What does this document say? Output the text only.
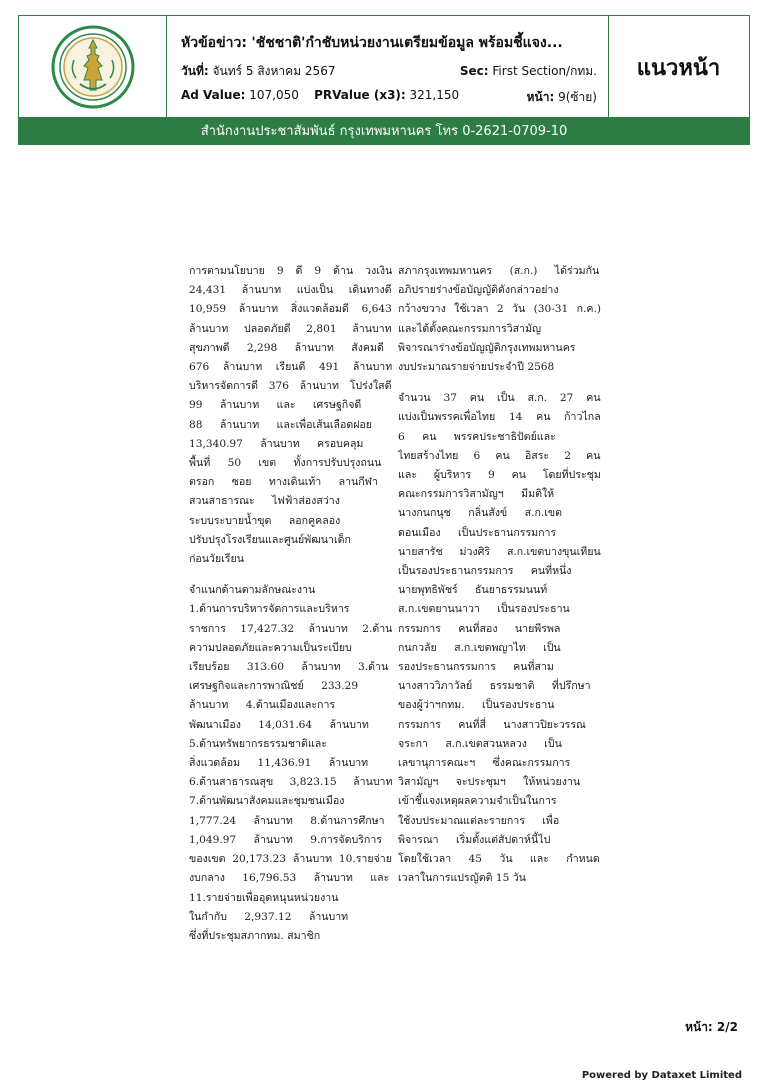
หัวข้อข่าว: 'ชัชชาติ'กำชับหน่วยงานเตรียมข้อมูล พร้อมชี้แจง...
วันที่: จันทร์ 5 สิงหาคม 2567	Sec: First Section/กทม.
Ad Value: 107,050 PRValue (x3): 321,150	หน้า: 9(ซ้าย)
แนวหน้า
สำนักงานประชาสัมพันธ์ กรุงเทพมหานคร โทร 0-2621-0709-10
การตามนโยบาย 9 ดี 9 ด้าน วงเงิน
24,431 ล้านบาท แบ่งเป็น เดินทางดี
10,959 ล้านบาท สิ่งแวดล้อมดี 6,643
ล้านบาท ปลอดภัยดี 2,801 ล้านบาท
สุขภาพดี 2,298 ล้านบาท สังคมดี
676 ล้านบาท เรียนดี 491 ล้านบาท
บริหารจัดการดี 376 ล้านบาท โปร่งใสดี
99 ล้านบาท และ เศรษฐกิจดี
88 ล้านบาท และเพื่อเส้นเลือดฝอย
13,340.97 ล้านบาท ครอบคลุม
พื้นที่ 50 เขต ทั้งการปรับปรุงถนน
ตรอก ซอย ทางเดินเท้า ลานกีฬา
สวนสาธารณะ ไฟฟ้าส่องสว่าง
ระบบระบายน้ำขุด ลอกคูคลอง
ปรับปรุงโรงเรียนและศูนย์พัฒนาเด็ก
ก่อนวัยเรียน
จำแนกด้านตามลักษณะงาน
1.ด้านการบริหารจัดการและบริหาร
ราชการ 17,427.32 ล้านบาท 2.ด้าน
ความปลอดภัยและความเป็นระเบียบ
เรียบร้อย 313.60 ล้านบาท 3.ด้าน
เศรษฐกิจและการพาณิชย์ 233.29
ล้านบาท 4.ด้านเมืองและการ
พัฒนาเมือง 14,031.64 ล้านบาท
5.ด้านทรัพยากรธรรมชาติและ
สิ่งแวดล้อม 11,436.91 ล้านบาท
6.ด้านสาธารณสุข 3,823.15 ล้านบาท
7.ด้านพัฒนาสังคมและชุมชนเมือง
1,777.24 ล้านบาท 8.ด้านการศึกษา
1,049.97 ล้านบาท 9.การจัดบริการ
ของเขต 20,173.23 ล้านบาท 10.รายจ่าย
งบกลาง 16,796.53 ล้านบาท และ
11.รายจ่ายเพื่ออุดหนุนหน่วยงาน
ในกำกับ 2,937.12 ล้านบาท
ซึ่งที่ประชุมสภากทม. สมาชิก
สภากรุงเทพมหานคร (ส.ก.) ได้ร่วมกัน
อภิปรายร่างข้อบัญญัติดังกล่าวอย่าง
กว้างขวาง ใช้เวลา 2 วัน (30-31 ก.ค.)
และได้ตั้งคณะกรรมการวิสามัญ
พิจารณาร่างข้อบัญญัติกรุงเทพมหานคร
งบประมาณรายจ่ายประจำปี 2568
จำนวน 37 คน เป็น ส.ก. 27 คน
แบ่งเป็นพรรคเพื่อไทย 14 คน ก้าวไกล
6 คน พรรคประชาธิปัตย์และ
ไทยสร้างไทย 6 คน อิสระ 2 คน
และ ผู้บริหาร 9 คน โดยที่ประชุม
คณะกรรมการวิสามัญฯ มีมติให้
นางกนกนุช กลิ่นสังข์ ส.ก.เขต
ดอนเมือง เป็นประธานกรรมการ
นายสารัช ม่วงศิริ ส.ก.เขตบางขุนเทียน
เป็นรองประธานกรรมการ คนที่หนึ่ง
นายพุทธิพัชร์ ธันยาธรรมนนท์
ส.ก.เขตยานนาวา เป็นรองประธาน
กรรมการ คนที่สอง นายพีรพล
กนกวลัย ส.ก.เขตพญาไท เป็น
รองประธานกรรมการ คนที่สาม
นางสาววิภาวัลย์ ธรรมชาติ ที่ปรึกษา
ของผู้ว่าฯกทม. เป็นรองประธาน
กรรมการ คนที่สี่ นางสาวปิยะวรรณ
จระกา ส.ก.เขตสวนหลวง เป็น
เลขานุการคณะฯ ซึ่งคณะกรรมการ
วิสามัญฯ จะประชุมฯ ให้หน่วยงาน
เข้าชี้แจงเหตุผลความจำเป็นในการ
ใช้งบประมาณแต่ละรายการ เพื่อ
พิจารณา เริ่มตั้งแต่สัปดาห์นี้ไป
โดยใช้เวลา 45 วัน และ กำหนด
เวลาในการแปรญัตติ 15 วัน
หน้า: 2/2
Powered by Dataxet Limited
